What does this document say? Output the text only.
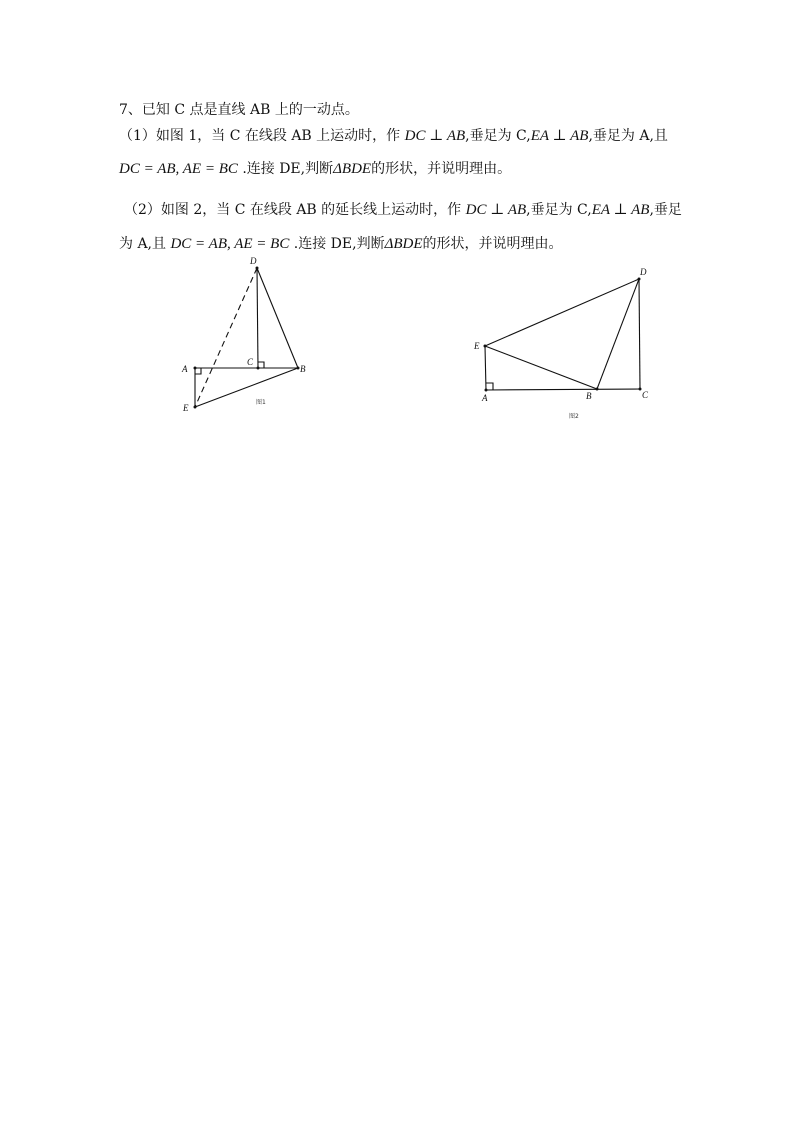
7、已知 C 点是直线 AB 上的一动点。
（1）如图 1，当 C 在线段 AB 上运动时，作 DC ⊥ AB,垂足为 C,EA ⊥ AB,垂足为 A,且
DC = AB, AE = BC .连接 DE,判断ΔBDE的形状，并说明理由。
（2）如图 2，当 C 在线段 AB 的延长线上运动时，作 DC ⊥ AB,垂足为 C,EA ⊥ AB,垂足
为 A,且 DC = AB, AE = BC .连接 DE,判断ΔBDE的形状，并说明理由。
D
C
B
A
E
图1
D
E
A	B	C
图2
